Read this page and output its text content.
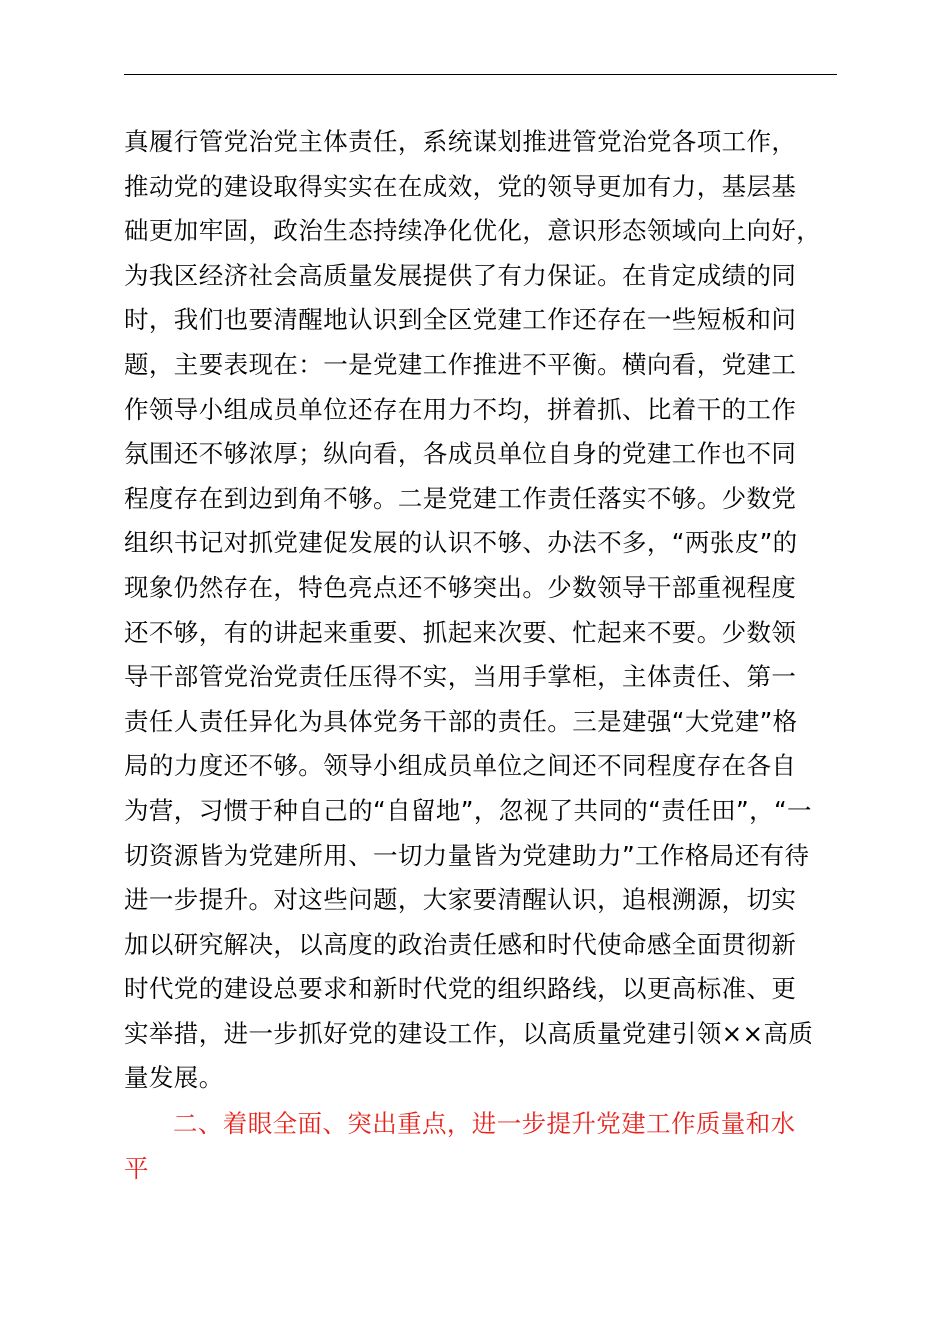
真履行管党治党主体责任，系统谋划推进管党治党各项工作，
推动党的建设取得实实在在成效，党的领导更加有力，基层基
础更加牢固，政治生态持续净化优化，意识形态领域向上向好，
为我区经济社会高质量发展提供了有力保证。在肯定成绩的同
时，我们也要清醒地认识到全区党建工作还存在一些短板和问
题，主要表现在：一是党建工作推进不平衡。横向看，党建工
作领导小组成员单位还存在用力不均，拼着抓、比着干的工作
氛围还不够浓厚；纵向看，各成员单位自身的党建工作也不同
程度存在到边到角不够。二是党建工作责任落实不够。少数党
组织书记对抓党建促发展的认识不够、办法不多，“两张皮”的
现象仍然存在，特色亮点还不够突出。少数领导干部重视程度
还不够，有的讲起来重要、抓起来次要、忙起来不要。少数领
导干部管党治党责任压得不实，当用手掌柜，主体责任、第一
责任人责任异化为具体党务干部的责任。三是建强“大党建”格
局的力度还不够。领导小组成员单位之间还不同程度存在各自
为营，习惯于种自己的“自留地”，忽视了共同的“责任田”，“一
切资源皆为党建所用、一切力量皆为党建助力”工作格局还有待
进一步提升。对这些问题，大家要清醒认识，追根溯源，切实
加以研究解决，以高度的政治责任感和时代使命感全面贯彻新
时代党的建设总要求和新时代党的组织路线，以更高标准、更
实举措，进一步抓好党的建设工作，以高质量党建引领××高质
量发展。
二、着眼全面、突出重点，进一步提升党建工作质量和水
平
